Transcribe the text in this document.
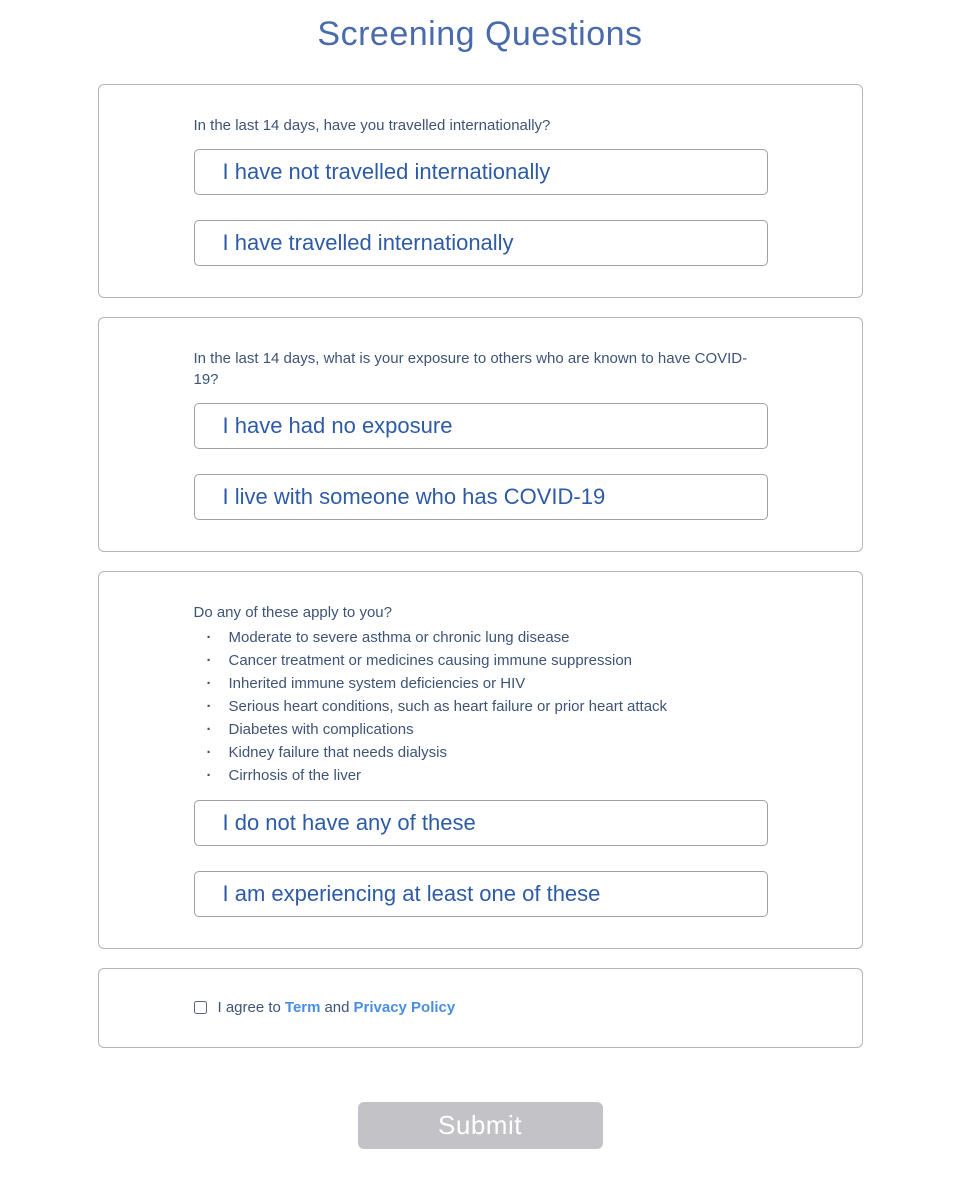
Screening Questions
In the last 14 days, have you travelled internationally?
I have not travelled internationally
I have travelled internationally
In the last 14 days, what is your exposure to others who are known to have COVID-19?
I have had no exposure
I live with someone who has COVID-19
Do any of these apply to you?
· Moderate to severe asthma or chronic lung disease
· Cancer treatment or medicines causing immune suppression
· Inherited immune system deficiencies or HIV
· Serious heart conditions, such as heart failure or prior heart attack
· Diabetes with complications
· Kidney failure that needs dialysis
· Cirrhosis of the liver
I do not have any of these
I am experiencing at least one of these
I agree to Term and Privacy Policy
Submit
